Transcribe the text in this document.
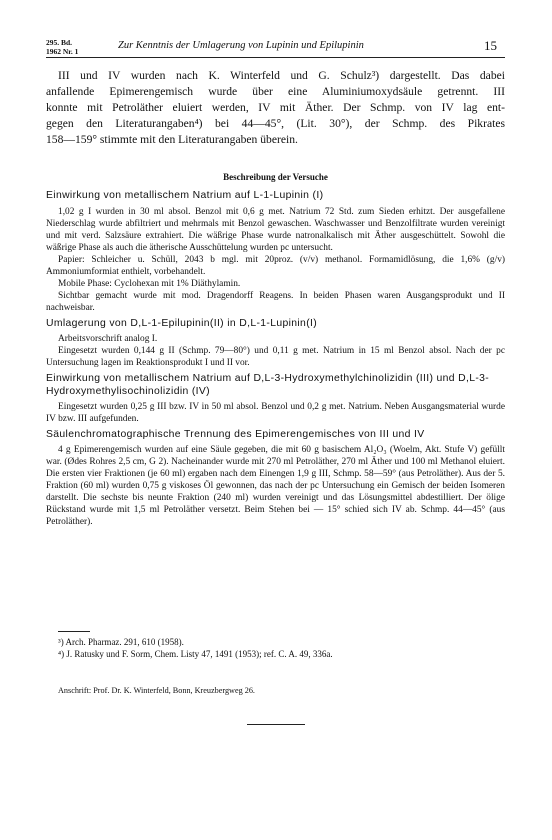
295. Bd.
1962 Nr. 1	Zur Kenntnis der Umlagerung von Lupinin und Epilupinin	15
III und IV wurden nach K. Winterfeld und G. Schulz³) dargestellt. Das dabei
anfallende Epimerengemisch wurde über eine Aluminiumoxydsäule getrennt. III
konnte mit Petroläther eluiert werden, IV mit Äther. Der Schmp. von IV lag ent-
gegen den Literaturangaben⁴) bei 44—45°, (Lit. 30°), der Schmp. des Pikrates
158—159° stimmte mit den Literaturangaben überein.
Beschreibung der Versuche
Einwirkung von metallischem Natrium auf L-1-Lupinin (I)
1,02 g I wurden in 30 ml absol. Benzol mit 0,6 g met. Natrium 72 Std. zum Sieden erhitzt. Der ausgefallene Niederschlag wurde abfiltriert und mehrmals mit Benzol gewaschen. Waschwasser und Benzolfiltrate wurden vereinigt und mit verd. Salzsäure extrahiert. Die wäßrige Phase wurde natronalkalisch mit Äther ausgeschüttelt. Sowohl die wäßrige Phase als auch die ätherische Ausschüttelung wurden pc untersucht.
Papier: Schleicher u. Schüll, 2043 b mgl. mit 20proz. (v/v) methanol. Formamidlösung, die 1,6% (g/v) Ammoniumformiat enthielt, vorbehandelt.
Mobile Phase: Cyclohexan mit 1% Diäthylamin.
Sichtbar gemacht wurde mit mod. Dragendorff Reagens. In beiden Phasen waren Ausgangsprodukt und II nachweisbar.
Umlagerung von D,L-1-Epilupinin(II) in D,L-1-Lupinin(I)
Arbeitsvorschrift analog I.
Eingesetzt wurden 0,144 g II (Schmp. 79—80°) und 0,11 g met. Natrium in 15 ml Benzol absol. Nach der pc Untersuchung lagen im Reaktionsprodukt I und II vor.
Einwirkung von metallischem Natrium auf D,L-3-Hydroxymethylchinolizidin (III) und D,L-3-Hydroxymethylisochinolizidin (IV)
Eingesetzt wurden 0,25 g III bzw. IV in 50 ml absol. Benzol und 0,2 g met. Natrium. Neben Ausgangsmaterial wurde IV bzw. III aufgefunden.
Säulenchromatographische Trennung des Epimerengemisches von III und IV
4 g Epimerengemisch wurden auf eine Säule gegeben, die mit 60 g basischem Al₂O₃ (Woelm, Akt. Stufe V) gefüllt war. (Ødes Rohres 2,5 cm, G 2). Nacheinander wurde mit 270 ml Petroläther, 270 ml Äther und 100 ml Methanol eluiert. Die ersten vier Fraktionen (je 60 ml) ergaben nach dem Einengen 1,9 g III, Schmp. 58—59° (aus Petroläther). Aus der 5. Fraktion (60 ml) wurden 0,75 g viskoses Öl gewonnen, das nach der pc Untersuchung ein Gemisch der beiden Isomeren darstellt. Die sechste bis neunte Fraktion (240 ml) wurden vereinigt und das Lösungsmittel abdestilliert. Der ölige Rückstand wurde mit 1,5 ml Petroläther versetzt. Beim Stehen bei — 15° schied sich IV ab. Schmp. 44—45° (aus Petroläther).
³) Arch. Pharmaz. 291, 610 (1958).
⁴) J. Ratusky und F. Sorm, Chem. Listy 47, 1491 (1953); ref. C. A. 49, 336a.
Anschrift: Prof. Dr. K. Winterfeld, Bonn, Kreuzbergweg 26.
